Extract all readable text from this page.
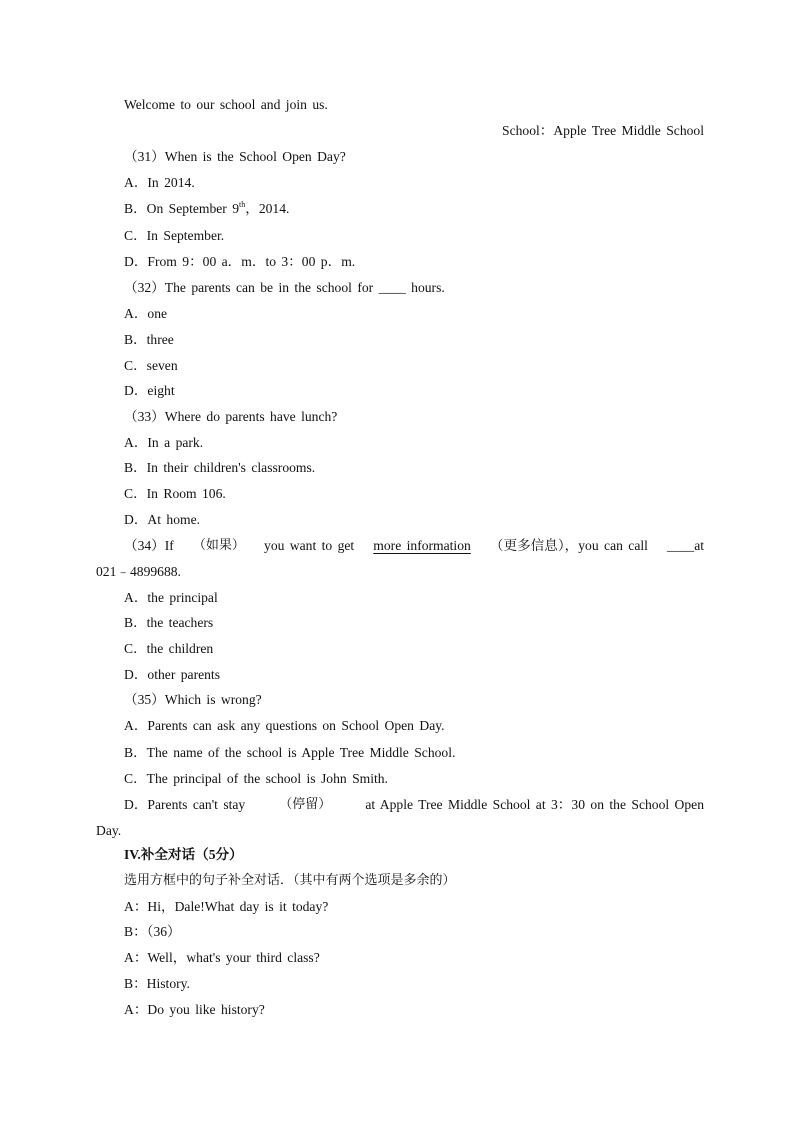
Welcome to our school and join us.
School：Apple Tree Middle School
（31）When is the School Open Day?
A．In 2014.
B．On September 9th，2014.
C．In September.
D．From 9：00 a．m．to 3：00 p．m.
（32）The parents can be in the school for ____ hours.
A．one
B．three
C．seven
D．eight
（33）Where do parents have lunch?
A．In a park.
B．In their children's classrooms.
C．In Room 106.
D．At home.
（34）If （如果） you want to get more information （更多信息），you can call ____at
021﹣4899688.
A．the principal
B．the teachers
C．the children
D．other parents
（35）Which is wrong?
A．Parents can ask any questions on School Open Day.
B．The name of the school is Apple Tree Middle School.
C．The principal of the school is John Smith.
D．Parents can't stay	（停留）	at Apple Tree Middle School at 3：30 on the School Open
Day.
IV.补全对话（5分）
选用方框中的句子补全对话．（其中有两个选项是多余的）
A：Hi，Dale!What day is it today?
B：（36）
A：Well，what's your third class?
B：History.
A：Do you like history?
